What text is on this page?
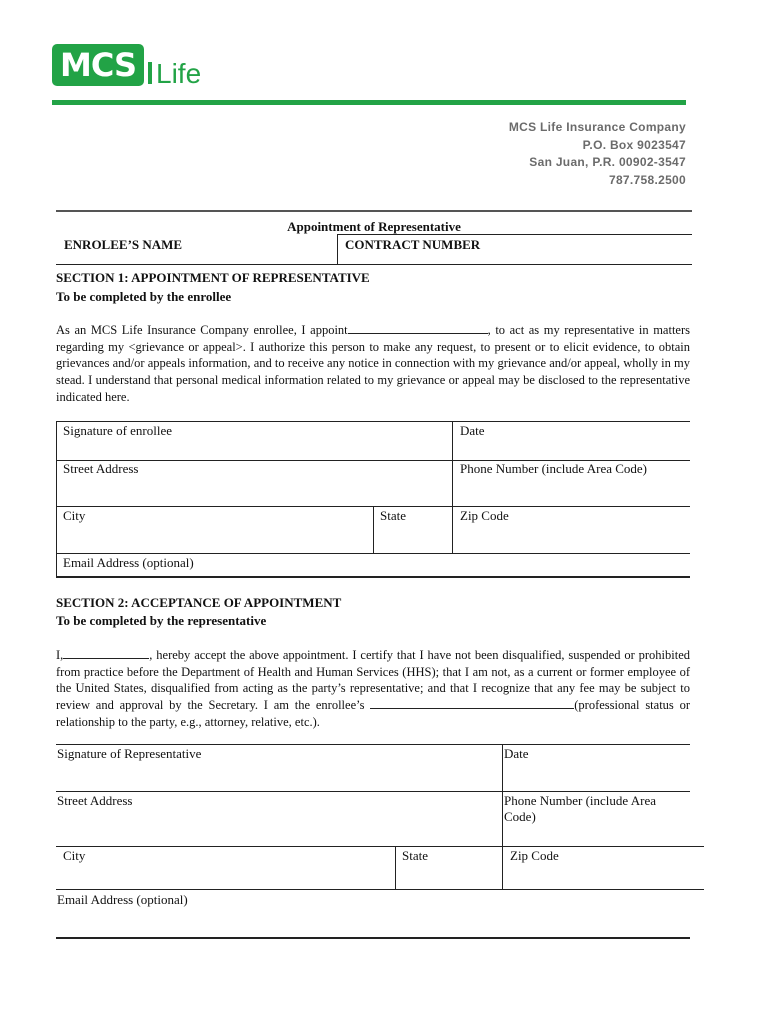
MCS Life
MCS Life Insurance Company
P.O. Box 9023547
San Juan, P.R. 00902-3547
787.758.2500
Appointment of Representative
ENROLEE’S NAME	CONTRACT NUMBER
SECTION 1: APPOINTMENT OF REPRESENTATIVE
To be completed by the enrollee
As an MCS Life Insurance Company enrollee, I appoint	, to act as my representative in matters regarding my <grievance or appeal>. I authorize this person to make any request, to present or to elicit evidence, to obtain grievances and/or appeals information, and to receive any notice in connection with my grievance and/or appeal, wholly in my stead. I understand that personal medical information related to my grievance or appeal may be disclosed to the representative indicated here.
Signature of enrollee	Date
Street Address	Phone Number (include Area Code)
City	State	Zip Code
Email Address (optional)
SECTION 2: ACCEPTANCE OF APPOINTMENT
To be completed by the representative
I,	, hereby accept the above appointment. I certify that I have not been disqualified, suspended or prohibited from practice before the Department of Health and Human Services (HHS); that I am not, as a current or former employee of the United States, disqualified from acting as the party’s representative; and that I recognize that any fee may be subject to review and approval by the Secretary. I am the enrollee’s	(professional status or relationship to the party, e.g., attorney, relative, etc.).
Signature of Representative	Date
Street Address	Phone Number (include Area
Code)
City	State	Zip Code
Email Address (optional)
